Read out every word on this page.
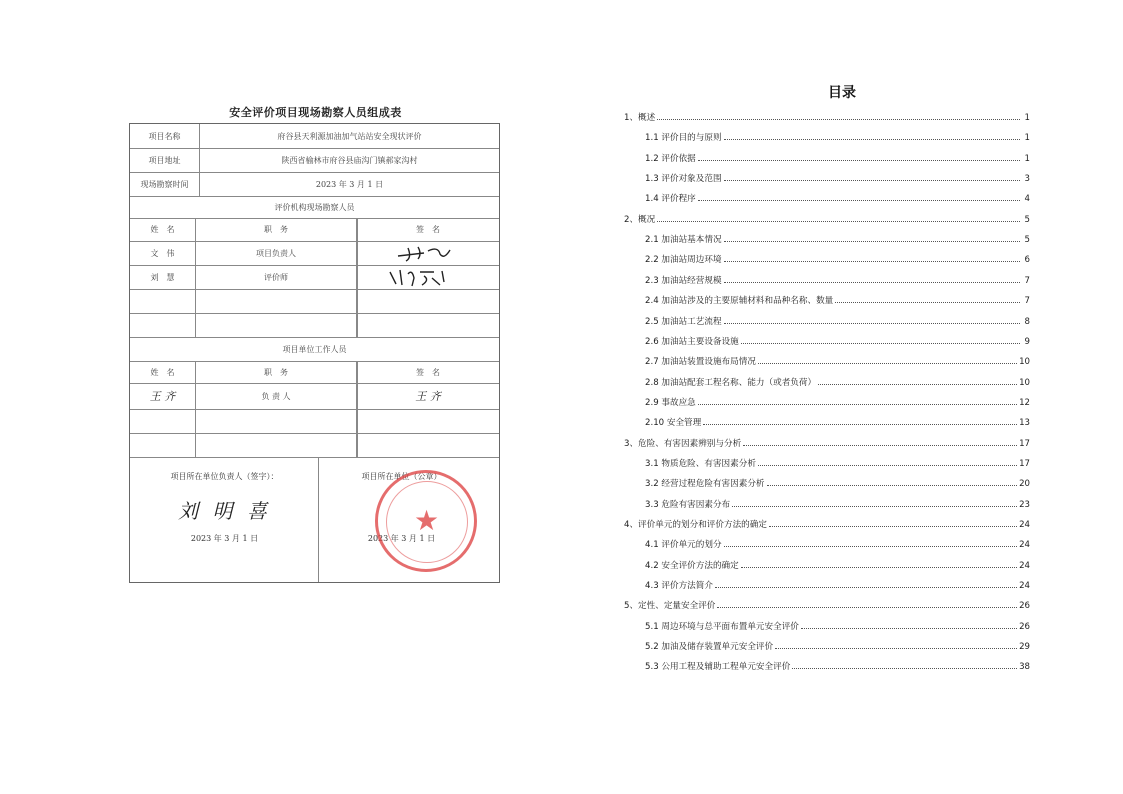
安全评价项目现场勘察人员组成表
项目名称	府谷县天利源加油加气站站安全现状评价
项目地址	陕西省榆林市府谷县庙沟门镇郝家沟村
现场勘察时间	2023 年 3 月 1 日
评价机构现场勘察人员
姓　名	职　务	签　名
文　伟	项目负责人
刘　慧	评价师
项目单位工作人员
姓　名	职　务	签　名
王 齐	负 责 人	王 齐
项目所在单位负责人（签字）：
刘 明 喜
2023 年 3 月 1 日
项目所在单位（公章）
2023 年 3 月 1 日
★
目录
1、概述	1
1.1 评价目的与原则	1
1.2 评价依据	1
1.3 评价对象及范围	3
1.4 评价程序	4
2、概况	5
2.1 加油站基本情况	5
2.2 加油站周边环境	6
2.3 加油站经营规模	7
2.4 加油站涉及的主要原辅材料和品种名称、数量	7
2.5 加油站工艺流程	8
2.6 加油站主要设备设施	9
2.7 加油站装置设施布局情况	10
2.8 加油站配套工程名称、能力（或者负荷）	10
2.9 事故应急	12
2.10 安全管理	13
3、危险、有害因素辨别与分析	17
3.1 物质危险、有害因素分析	17
3.2 经营过程危险有害因素分析	20
3.3 危险有害因素分布	23
4、评价单元的划分和评价方法的确定	24
4.1 评价单元的划分	24
4.2 安全评价方法的确定	24
4.3 评价方法简介	24
5、定性、定量安全评价	26
5.1 周边环境与总平面布置单元安全评价	26
5.2 加油及储存装置单元安全评价	29
5.3 公用工程及辅助工程单元安全评价	38
